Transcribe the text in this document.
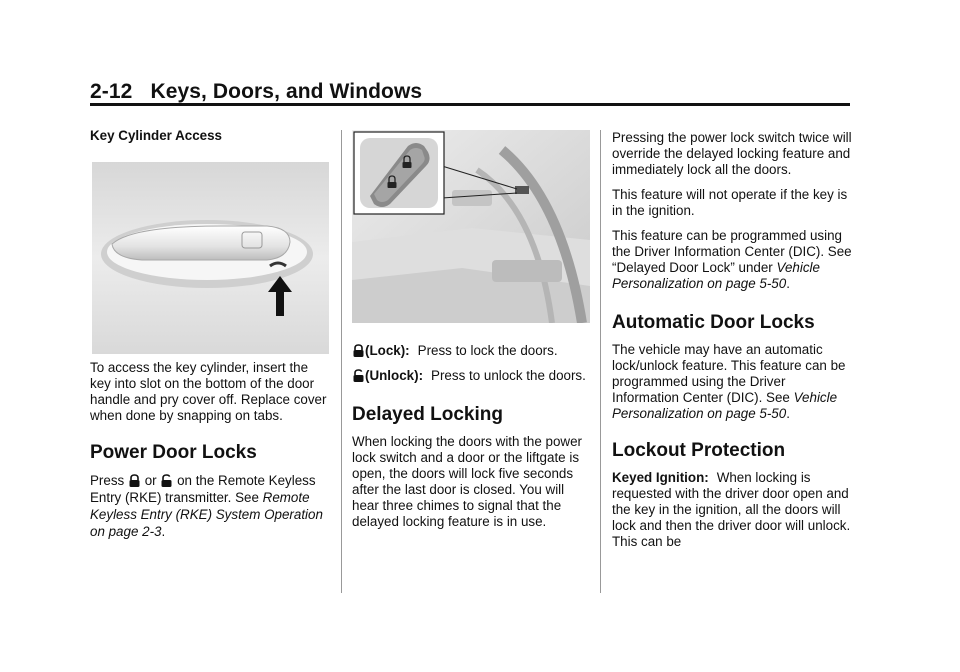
2-12 Keys, Doors, and Windows

Key Cylinder Access

To access the key cylinder, insert the key into slot on the bottom of the door handle and pry cover off. Replace cover when done by snapping on tabs.

Power Door Locks

Press or on the Remote Keyless Entry (RKE) transmitter. See Remote Keyless Entry (RKE) System Operation on page 2-3.

(Lock): Press to lock the doors.

(Unlock): Press to unlock the doors.

Delayed Locking

When locking the doors with the power lock switch and a door or the liftgate is open, the doors will lock five seconds after the last door is closed. You will hear three chimes to signal that the delayed locking feature is in use.

Pressing the power lock switch twice will override the delayed locking feature and immediately lock all the doors.

This feature will not operate if the key is in the ignition.

This feature can be programmed using the Driver Information Center (DIC). See “Delayed Door Lock” under Vehicle Personalization on page 5-50.

Automatic Door Locks

The vehicle may have an automatic lock/unlock feature. This feature can be programmed using the Driver Information Center (DIC). See Vehicle Personalization on page 5-50.

Lockout Protection

Keyed Ignition: When locking is requested with the driver door open and the key in the ignition, all the doors will lock and then the driver door will unlock. This can be
